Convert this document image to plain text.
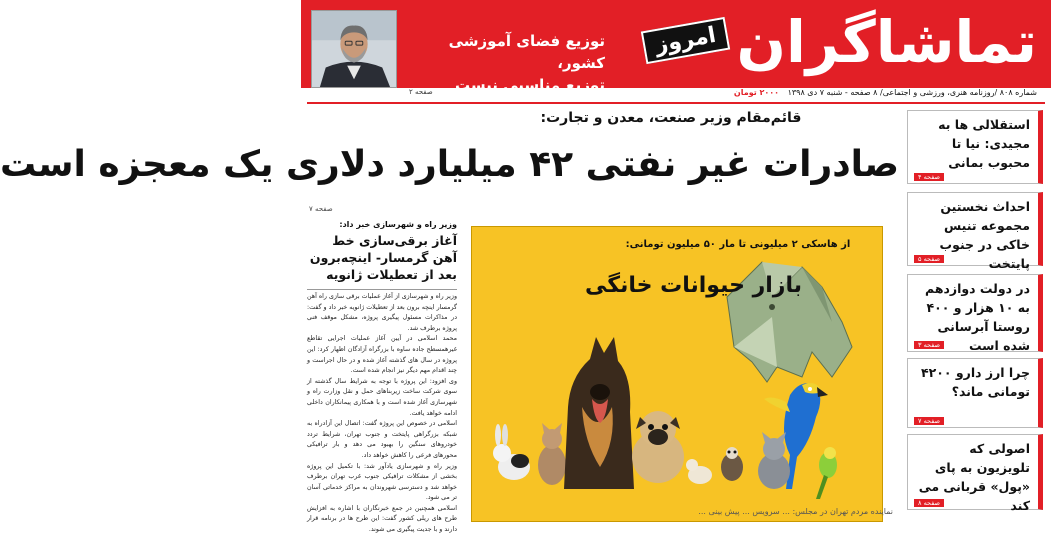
تماشاگران
امروز
توزیع فضای آموزشی کشور،
توزیع مناسبی نیست
صفحه ۲	شماره ۸۰۸ /روزنامه هنری، ورزشی و اجتماعی/ ۸ صفحه - شنبه ۷ دی ۱۳۹۸ ۲۰۰۰ تومان
قائم‌مقام وزیر صنعت، معدن و تجارت:
صادرات غیر نفتی ۴۲ میلیارد دلاری یک معجزه است
صفحه ۷
استقلالی ها به مجیدی: نیا تا محبوب بمانی
صفحه ۴
احداث نخستین مجموعه تنیس خاکی در جنوب پایتخت
صفحه ۵
در دولت دوازدهم به ۱۰ هزار و ۴۰۰ روستا آبرسانی شده است
صفحه ۳
چرا ارز دارو ۴۲۰۰ تومانی ماند؟
صفحه ۷
اصولی که تلویزیون به پای «پول» قربانی می کند
صفحه ۸
وزیر راه و شهرسازی خبر داد:
آغاز برقی‌سازی خط آهن گرمسار- اینچه‌برون بعد از تعطیلات ژانویه

وزیر راه و شهرسازی از آغاز عملیات برقی سازی راه آهن گرمسار اینچه برون بعد از تعطیلات ژانویه خبر داد و گفت: در مذاکرات مسئول پیگیری پروژه، مشکل موقف فنی پروژه برطرف شد.

محمد اسلامی در آیین آغاز عملیات اجرایی تقاطع غیرهمسطح جاده ساوه با بزرگراه آزادگان اظهار کرد: این پروژه در سال های گذشته آغاز شده و در حال اجراست و چند اقدام مهم دیگر نیز انجام شده است.

وی افزود: این پروژه با توجه به شرایط سال گذشته از سوی شرکت ساخت زیربناهای حمل و نقل وزارت راه و شهرسازی آغاز شده است و با همکاری پیمانکاران داخلی ادامه خواهد یافت.

اسلامی در خصوص این پروژه گفت: اتصال این آزادراه به شبکه بزرگراهی پایتخت و جنوب تهران، شرایط تردد خودروهای سنگین را بهبود می دهد و بار ترافیکی محورهای فرعی را کاهش خواهد داد.

وزیر راه و شهرسازی یادآور شد: با تکمیل این پروژه بخشی از مشکلات ترافیکی جنوب غرب تهران برطرف خواهد شد و دسترسی شهروندان به مراکز خدماتی آسان تر می شود.

اسلامی همچنین در جمع خبرنگاران با اشاره به افزایش طرح های ریلی کشور گفت: این طرح ها در برنامه قرار دارند و با جدیت پیگیری می شوند.

از هاسکی ۲ میلیونی تا مار ۵۰ میلیون تومانی:
بازار حیوانات خانگی
نماینده مردم تهران در مجلس: ... سرویس ... پیش بینی ...
